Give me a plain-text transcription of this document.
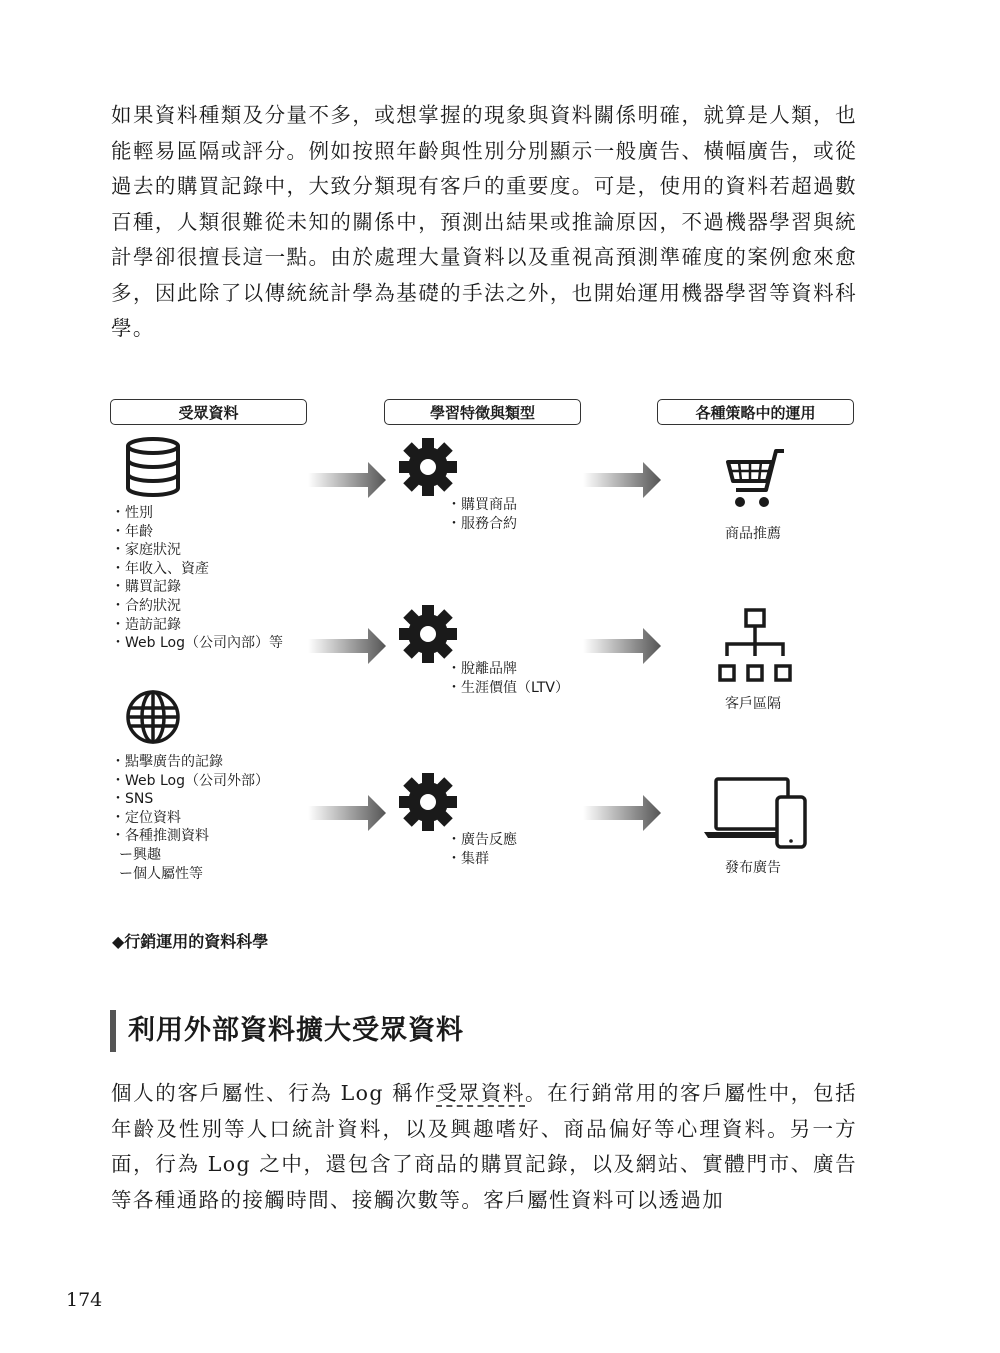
如果資料種類及分量不多，或想掌握的現象與資料關係明確，就算是人類，也能輕易區隔或評分。例如按照年齡與性別分別顯示一般廣告、橫幅廣告，或從過去的購買記錄中，大致分類現有客戶的重要度。可是，使用的資料若超過數百種，人類很難從未知的關係中，預測出結果或推論原因，不過機器學習與統計學卻很擅長這一點。由於處理大量資料以及重視高預測準確度的案例愈來愈多，因此除了以傳統統計學為基礎的手法之外，也開始運用機器學習等資料科學。

受眾資料	學習特徵與類型	各種策略中的運用
・ 性別
・ 年齡
・ 家庭狀況
・ 年收入、資產
・ 購買記錄
・ 合約狀況
・ 造訪記錄
・ Web Log（公司內部）等
・ 點擊廣告的記錄
・ Web Log（公司外部）
・ SNS
・ 定位資料
・ 各種推測資料
ー興趣
ー個人屬性等
・ 購買商品
・ 服務合約
・ 脫離品牌
・ 生涯價值（LTV）
・ 廣告反應
・ 集群
商品推薦
客戶區隔
發布廣告
◆行銷運用的資料科學
利用外部資料擴大受眾資料

個人的客戶屬性、行為 Log 稱作受眾資料。在行銷常用的客戶屬性中，包括年齡及性別等人口統計資料，以及興趣嗜好、商品偏好等心理資料。另一方面，行為 Log 之中，還包含了商品的購買記錄，以及網站、實體門市、廣告等各種通路的接觸時間、接觸次數等。客戶屬性資料可以透過加

174
